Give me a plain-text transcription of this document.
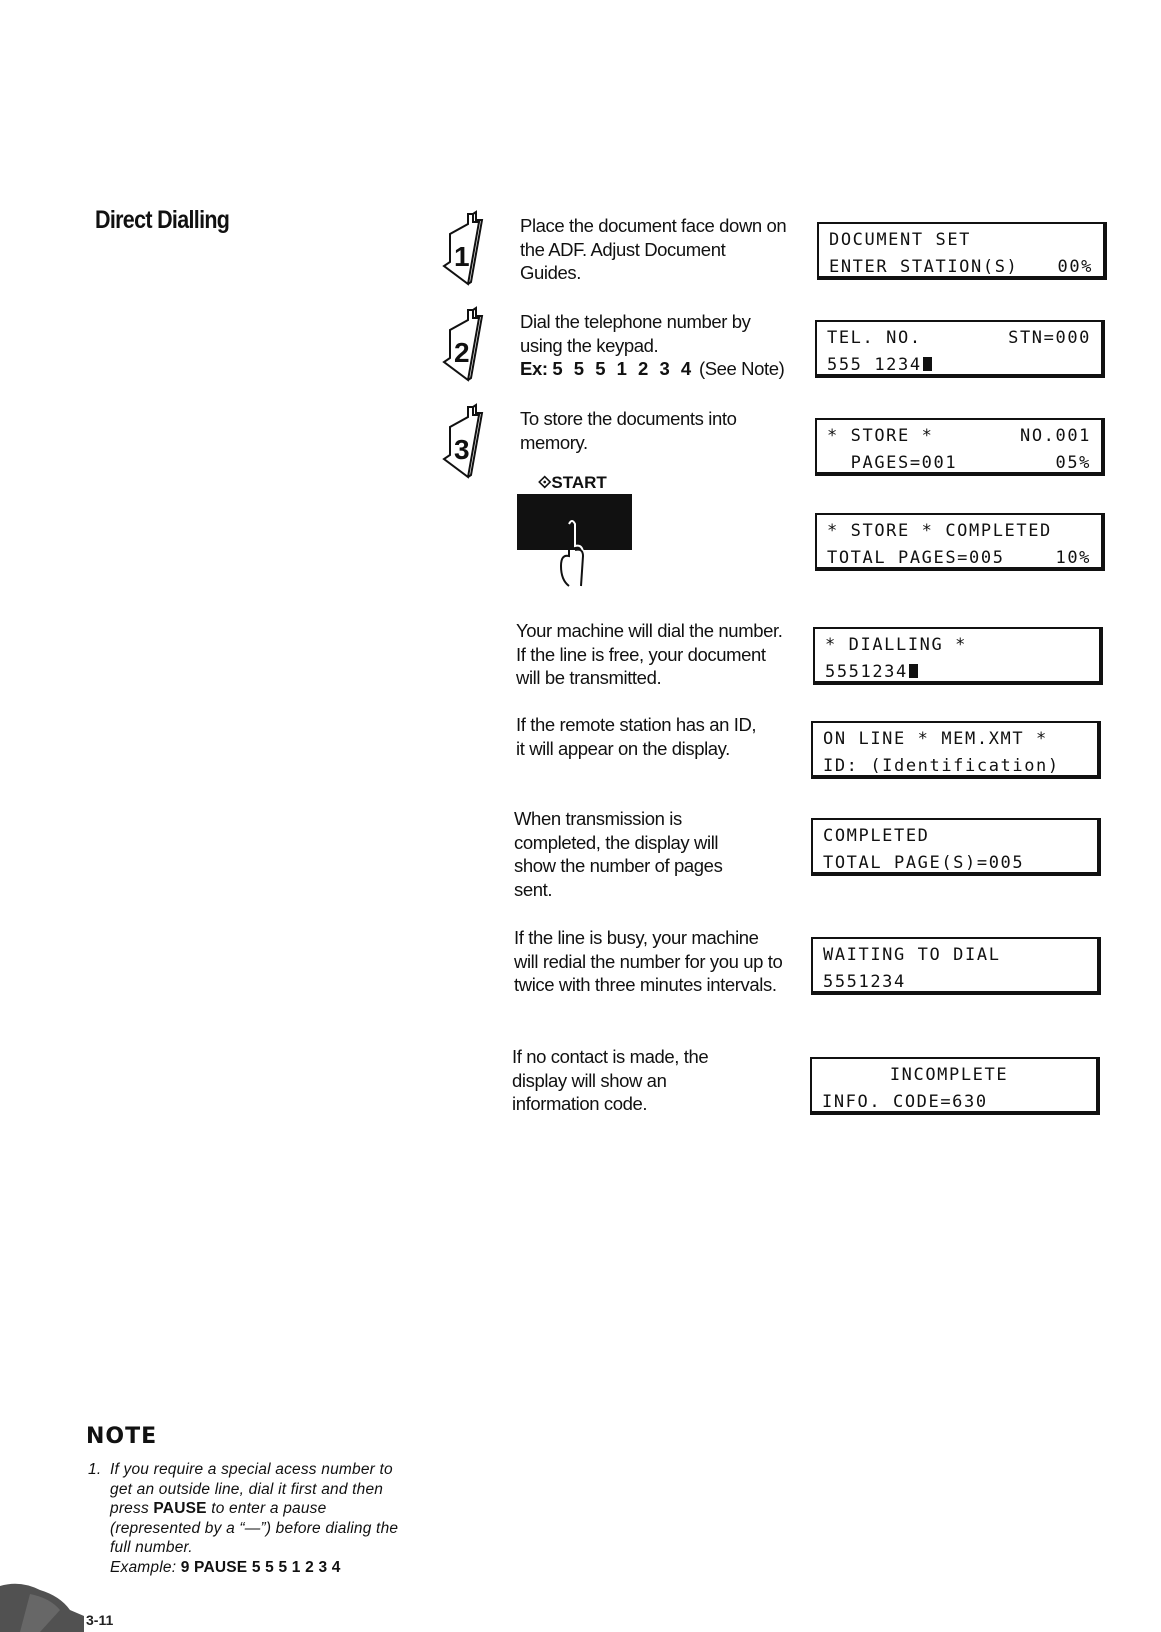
Direct Dialling
1
2
3
Place the document face down on the ADF. Adjust Document Guides.
Dial the telephone number by using the keypad.
Ex: 5 5 5 1 2 3 4 (See Note)
To store the documents into memory.
⟐START
Your machine will dial the number. If the line is free, your document will be transmitted.
If the remote station has an ID, it will appear on the display.
When transmission is completed, the display will show the number of pages sent.
If the line is busy, your machine will redial the number for you up to twice with three minutes intervals.
If no contact is made, the display will show an information code.
DOCUMENT SET
ENTER STATION(S)	00%
TEL. NO.	STN=000
555 1234
* STORE *	NO.001
PAGES=001	05%
* STORE * COMPLETED
TOTAL PAGES=005	10%
* DIALLING *
5551234
ON LINE * MEM.XMT *
ID: (Identification)
COMPLETED
TOTAL PAGE(S)=005
WAITING TO DIAL
5551234
INCOMPLETE
INFO. CODE=630
NOTE
1. If you require a special acess number to get an outside line, dial it first and then press PAUSE to enter a pause (represented by a “—”) before dialing the full number.
Example: 9 PAUSE 5 5 5 1 2 3 4
3-11
